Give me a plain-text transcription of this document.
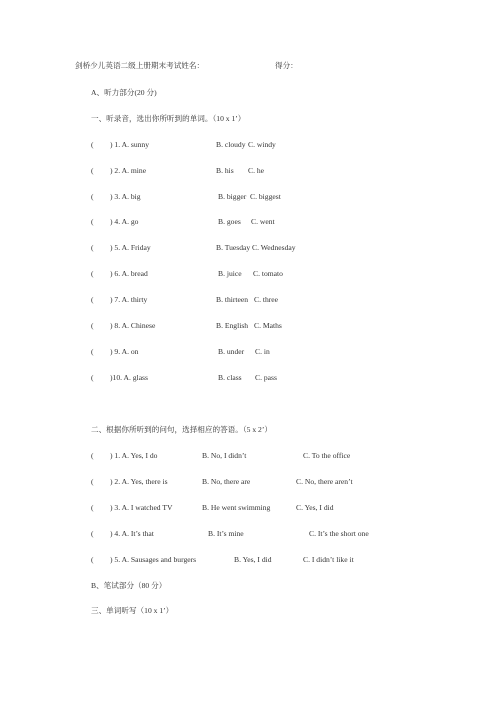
剑桥少儿英语二级上册期末考试姓名：	得分：
A、听力部分(20 分)
一、听录音，选出你所听到的单词。（10 x 1’）
( ) 1. A. sunny	B. cloudy C. windy
( ) 2. A. mine	B. his C. he
( ) 3. A. big	B. bigger C. biggest
( ) 4. A. go	B. goes C. went
( ) 5. A. Friday	B. Tuesday C. Wednesday
( ) 6. A. bread	B. juice C. tomato
( ) 7. A. thirty	B. thirteen C. three
( ) 8. A. Chinese	B. English C. Maths
( ) 9. A. on	B. under C. in
( )10. A. glass	B. class C. pass
二、根据你所听到的问句，选择相应的答语。（5 x 2’）
( ) 1. A. Yes, I do	B. No, I didn’t	C. To the office
( ) 2. A. Yes, there is	B. No, there are	C. No, there aren’t
( ) 3. A. I watched TV	B. He went swimming	C. Yes, I did
( ) 4. A. It’s that	B. It’s mine	C. It’s the short one
( ) 5. A. Sausages and burgers	B. Yes, I did	C. I didn’t like it
B、笔试部分（80 分）
三、单词听写（10 x 1’）
